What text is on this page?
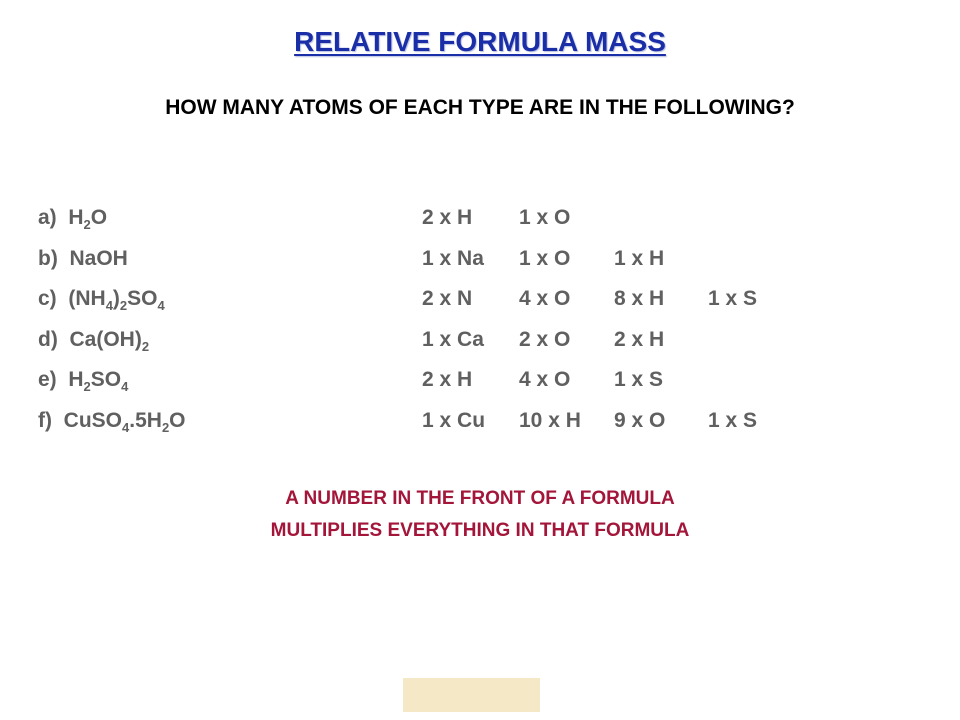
RELATIVE FORMULA MASS
HOW MANY ATOMS OF EACH TYPE ARE IN THE FOLLOWING?
a) $H_2O$	2 x H 1 x O
b) NaOH	1 x Na 1 x O 1 x H
c) $(NH_4)_2SO_4$	2 x N 4 x O 8 x H 1 x S
d) $Ca(OH)_2$	1 x Ca 2 x O 2 x H
e) $H_2SO_4$	2 x H 4 x O 1 x S
f) $CuSO_4.5H_2O$	1 x Cu 10 x H 9 x O 1 x S
A NUMBER IN THE FRONT OF A FORMULA
MULTIPLIES EVERYTHING IN THAT FORMULA
